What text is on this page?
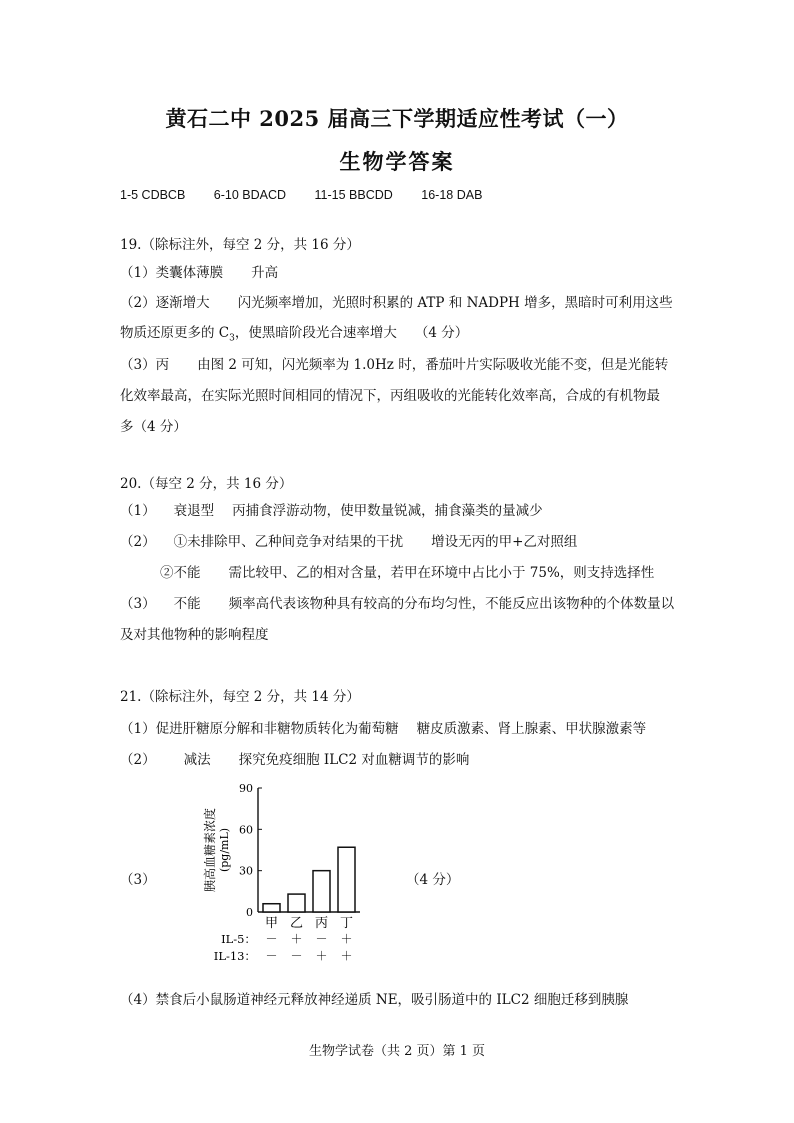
黄石二中 2025 届高三下学期适应性考试（一）
生物学答案
1-5 CDBCB 6-10 BDACD 11-15 BBCDD 16-18 DAB
19.（除标注外，每空 2 分，共 16 分）
（1）类囊体薄膜 升高
（2）逐渐增大 闪光频率增加，光照时积累的 ATP 和 NADPH 增多，黑暗时可利用这些
物质还原更多的 $C_3$，使黑暗阶段光合速率增大 （4 分）
（3）丙 由图 2 可知，闪光频率为 1.0Hz 时，番茄叶片实际吸收光能不变，但是光能转
化效率最高，在实际光照时间相同的情况下，丙组吸收的光能转化效率高，合成的有机物最
多（4 分）
20.（每空 2 分，共 16 分）
（1） 衰退型 丙捕食浮游动物，使甲数量锐减，捕食藻类的量减少
（2） ①未排除甲、乙种间竞争对结果的干扰 增设无丙的甲+乙对照组
②不能 需比较甲、乙的相对含量，若甲在环境中占比小于 75%，则支持选择性
（3） 不能 频率高代表该物种具有较高的分布均匀性，不能反应出该物种的个体数量以
及对其他物种的影响程度
21.（除标注外，每空 2 分，共 14 分）
（1）促进肝糖原分解和非糖物质转化为葡萄糖 糖皮质激素、肾上腺素、甲状腺激素等
（2） 减法 探究免疫细胞 ILC2 对血糖调节的影响
（3）	（4 分）
0
30
60
90
胰高血糖素浓度 (pg/mL)
甲
－
－
乙
＋
－
丙
－
＋
丁
＋
＋
IL-5：
IL-13：
（4）禁食后小鼠肠道神经元释放神经递质 NE，吸引肠道中的 ILC2 细胞迁移到胰腺
生物学试卷（共 2 页）第 1 页
